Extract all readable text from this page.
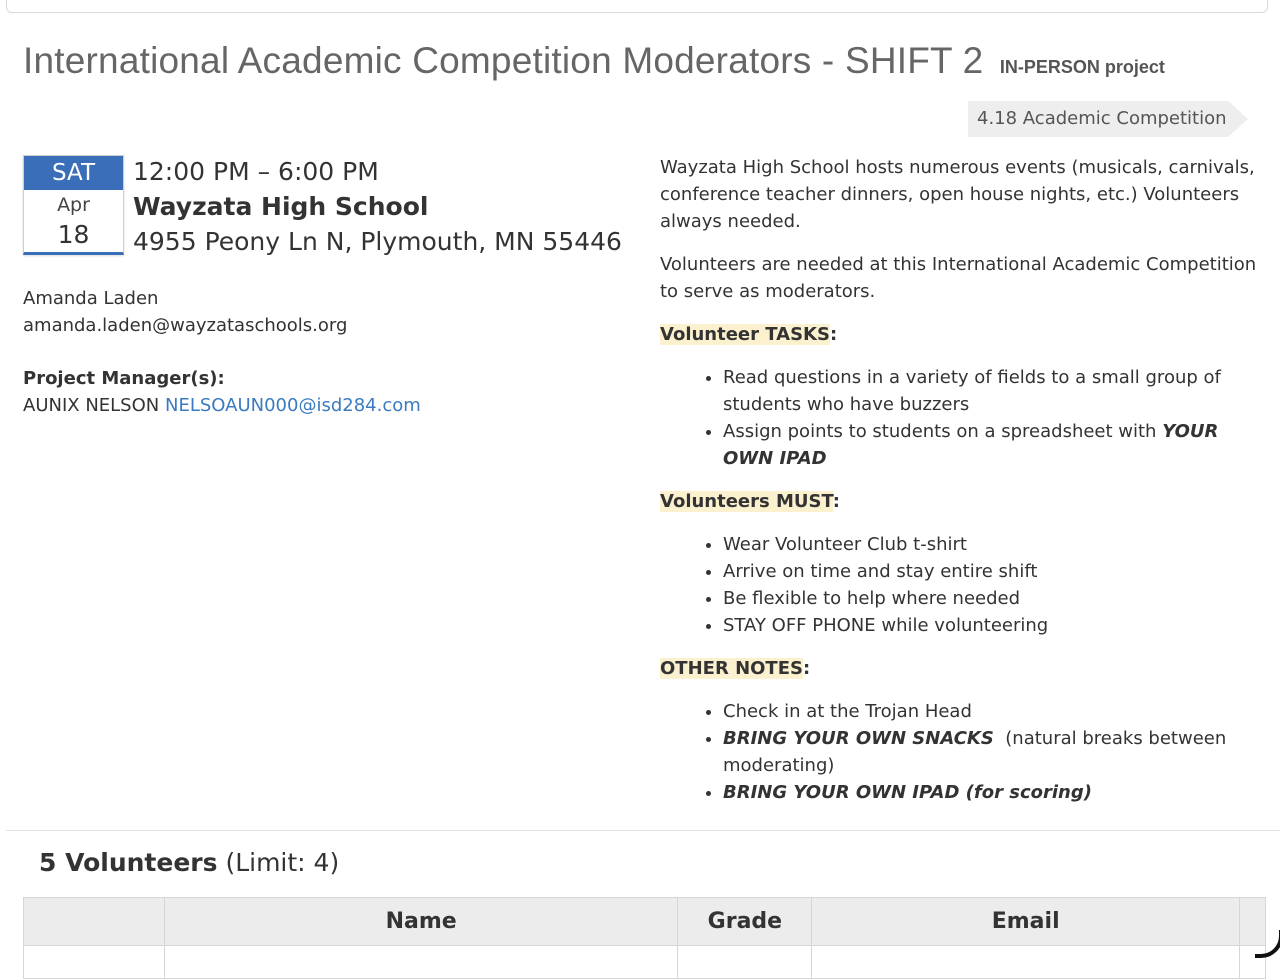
International Academic Competition Moderators - SHIFT 2 IN-PERSON project
4.18 Academic Competition
SAT
Apr
18
12:00 PM – 6:00 PM
Wayzata High School
4955 Peony Ln N, Plymouth, MN 55446
Amanda Laden
amanda.laden@wayzataschools.org
Project Manager(s):
AUNIX NELSON NELSOAUN000@isd284.com

Wayzata High School hosts numerous events (musicals, carnivals, conference teacher dinners, open house nights, etc.) Volunteers always needed.

Volunteers are needed at this International Academic Competition to serve as moderators.

Volunteer TASKS:
• Read questions in a variety of fields to a small group of students who have buzzers
• Assign points to students on a spreadsheet with YOUR OWN IPAD
Volunteers MUST:
• Wear Volunteer Club t-shirt
• Arrive on time and stay entire shift
• Be flexible to help where needed
• STAY OFF PHONE while volunteering
OTHER NOTES:
• Check in at the Trojan Head
• BRING YOUR OWN SNACKS  (natural breaks between moderating)
• BRING YOUR OWN IPAD (for scoring)
5 Volunteers (Limit: 4)
	Name	Grade	Email	
